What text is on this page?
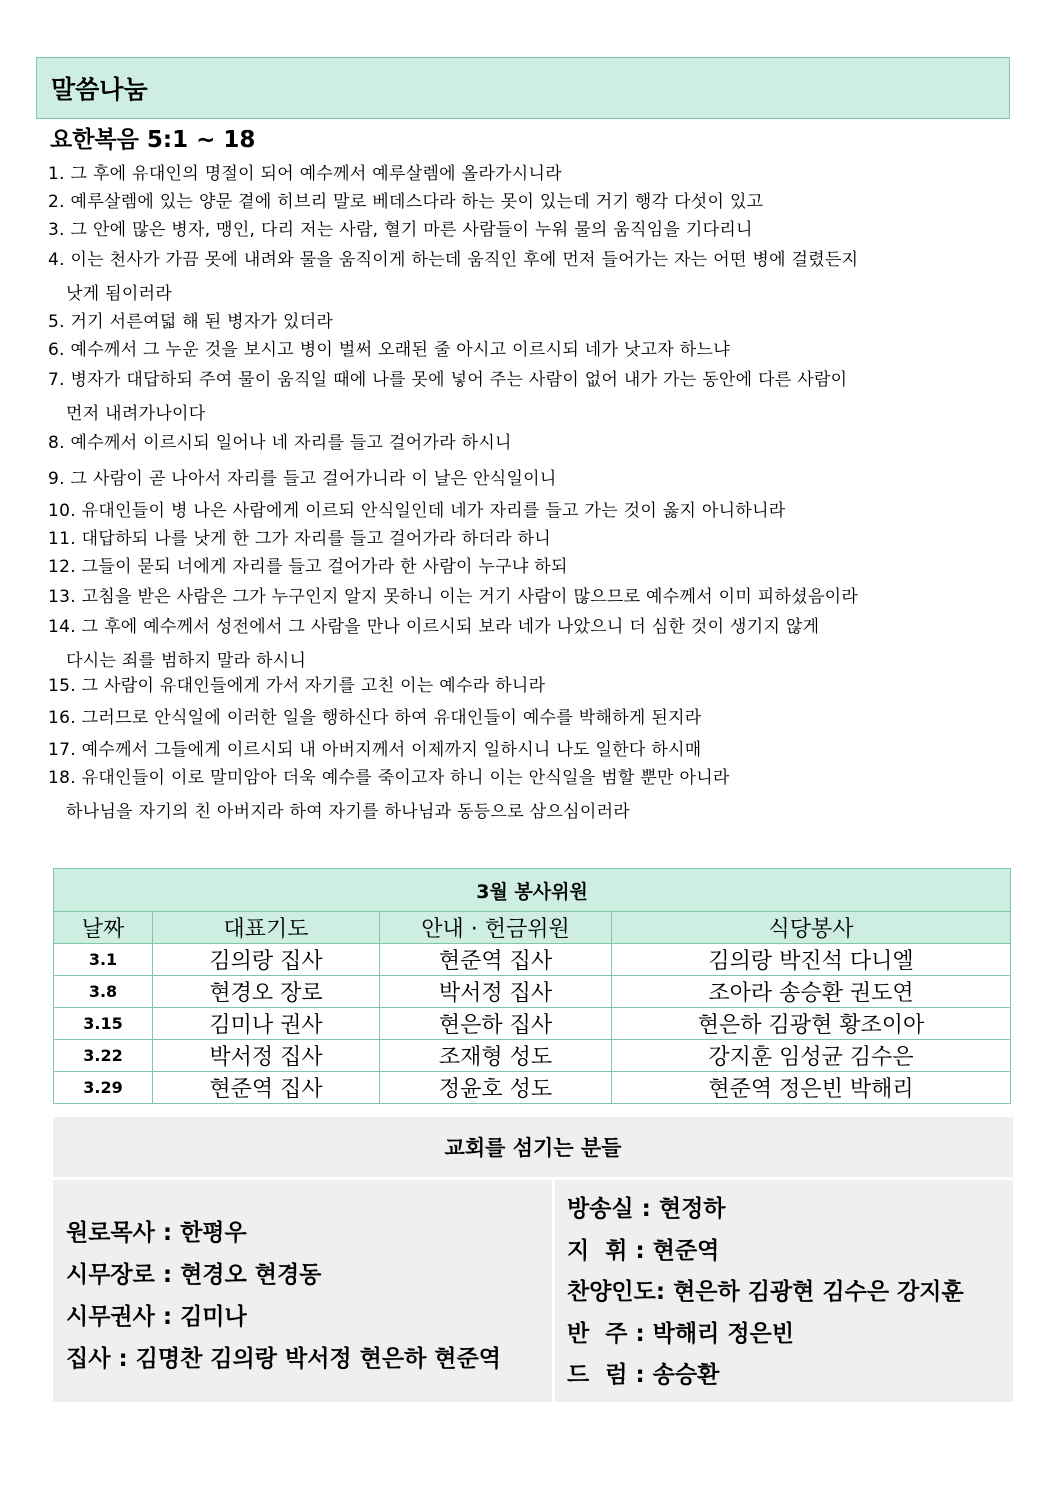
말씀나눔
요한복음 5:1 ~ 18
1. 그 후에 유대인의 명절이 되어 예수께서 예루살렘에 올라가시니라
2. 예루살렘에 있는 양문 곁에 히브리 말로 베데스다라 하는 못이 있는데 거기 행각 다섯이 있고
3. 그 안에 많은 병자, 맹인, 다리 저는 사람, 혈기 마른 사람들이 누워 물의 움직임을 기다리니
4. 이는 천사가 가끔 못에 내려와 물을 움직이게 하는데 움직인 후에 먼저 들어가는 자는 어떤 병에 걸렸든지
낫게 됨이러라
5. 거기 서른여덟 해 된 병자가 있더라
6. 예수께서 그 누운 것을 보시고 병이 벌써 오래된 줄 아시고 이르시되 네가 낫고자 하느냐
7. 병자가 대답하되 주여 물이 움직일 때에 나를 못에 넣어 주는 사람이 없어 내가 가는 동안에 다른 사람이
먼저 내려가나이다
8. 예수께서 이르시되 일어나 네 자리를 들고 걸어가라 하시니
9. 그 사람이 곧 나아서 자리를 들고 걸어가니라 이 날은 안식일이니
10. 유대인들이 병 나은 사람에게 이르되 안식일인데 네가 자리를 들고 가는 것이 옳지 아니하니라
11. 대답하되 나를 낫게 한 그가 자리를 들고 걸어가라 하더라 하니
12. 그들이 묻되 너에게 자리를 들고 걸어가라 한 사람이 누구냐 하되
13. 고침을 받은 사람은 그가 누구인지 알지 못하니 이는 거기 사람이 많으므로 예수께서 이미 피하셨음이라
14. 그 후에 예수께서 성전에서 그 사람을 만나 이르시되 보라 네가 나았으니 더 심한 것이 생기지 않게
다시는 죄를 범하지 말라 하시니
15. 그 사람이 유대인들에게 가서 자기를 고친 이는 예수라 하니라
16. 그러므로 안식일에 이러한 일을 행하신다 하여 유대인들이 예수를 박해하게 된지라
17. 예수께서 그들에게 이르시되 내 아버지께서 이제까지 일하시니 나도 일한다 하시매
18. 유대인들이 이로 말미암아 더욱 예수를 죽이고자 하니 이는 안식일을 범할 뿐만 아니라
하나님을 자기의 친 아버지라 하여 자기를 하나님과 동등으로 삼으심이러라
3월 봉사위원			
날짜	대표기도	안내 · 헌금위원	식당봉사
3.1	김의랑 집사	현준역 집사	김의랑 박진석 다니엘
3.8	현경오 장로	박서정 집사	조아라 송승환 권도연
3.15	김미나 권사	현은하 집사	현은하 김광현 황조이아
3.22	박서정 집사	조재형 성도	강지훈 임성균 김수은
3.29	현준역 집사	정윤호 성도	현준역 정은빈 박해리
교회를 섬기는 분들
원로목사 : 한평우
시무장로 : 현경오 현경동
시무권사 : 김미나
집사 : 김명찬 김의랑 박서정 현은하 현준역
방송실 : 현정하
지  휘 : 현준역
찬양인도: 현은하 김광현 김수은 강지훈
반  주 : 박해리 정은빈
드  럼 : 송승환
